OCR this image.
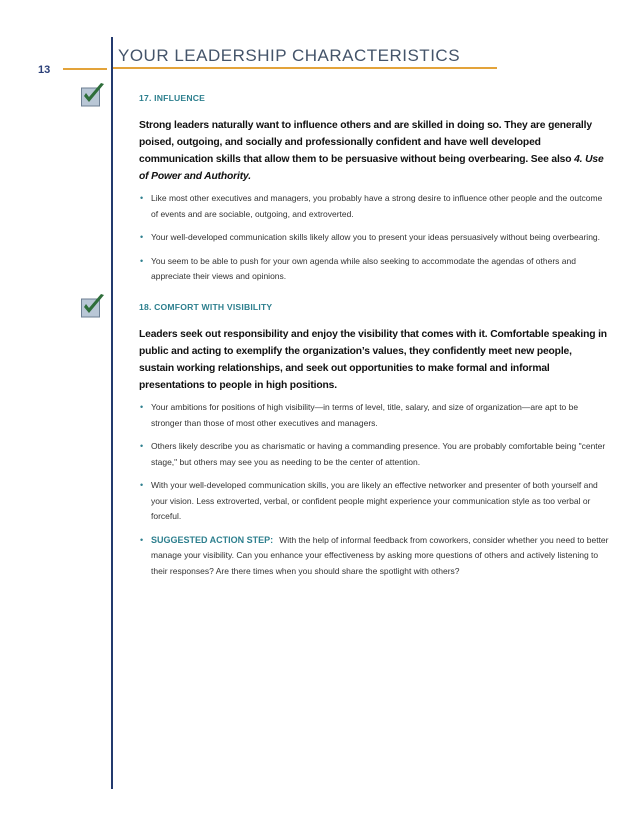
13
YOUR LEADERSHIP CHARACTERISTICS
17. INFLUENCE

Strong leaders naturally want to influence others and are skilled in doing so. They are generally poised, outgoing, and socially and professionally confident and have well developed communication skills that allow them to be persuasive without being overbearing. See also 4. Use of Power and Authority.

• Like most other executives and managers, you probably have a strong desire to influence other people and the outcome of events and are sociable, outgoing, and extroverted.
• Your well-developed communication skills likely allow you to present your ideas persuasively without being overbearing.
• You seem to be able to push for your own agenda while also seeking to accommodate the agendas of others and appreciate their views and opinions.
18. COMFORT WITH VISIBILITY

Leaders seek out responsibility and enjoy the visibility that comes with it. Comfortable speaking in public and acting to exemplify the organization’s values, they confidently meet new people, sustain working relationships, and seek out opportunities to make formal and informal presentations to people in high positions.

• Your ambitions for positions of high visibility—in terms of level, title, salary, and size of organization—are apt to be stronger than those of most other executives and managers.
• Others likely describe you as charismatic or having a commanding presence. You are probably comfortable being "center stage," but others may see you as needing to be the center of attention.
• With your well-developed communication skills, you are likely an effective networker and presenter of both yourself and your vision. Less extroverted, verbal, or confident people might experience your communication style as too verbal or forceful.
• SUGGESTED ACTION STEP: With the help of informal feedback from coworkers, consider whether you need to better manage your visibility. Can you enhance your effectiveness by asking more questions of others and actively listening to their responses? Are there times when you should share the spotlight with others?
